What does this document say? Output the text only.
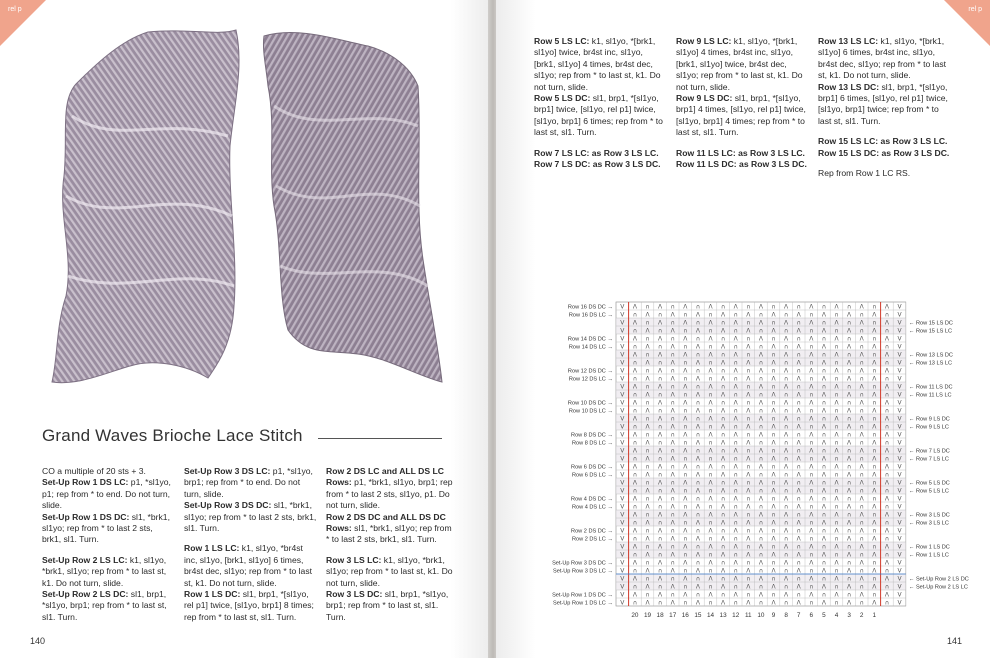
rel p
Grand Waves Brioche Lace Stitch

CO a multiple of 20 sts + 3.
Set-Up Row 1 DS LC: p1, *sl1yo, p1; rep from * to end. Do not turn, slide.
Set-Up Row 1 DS DC: sl1, *brk1, sl1yo; rep from * to last 2 sts, brk1, sl1. Turn.

Set-Up Row 2 LS LC: k1, sl1yo, *brk1, sl1yo; rep from * to last st, k1. Do not turn, slide.
Set-Up Row 2 LS DC: sl1, brp1, *sl1yo, brp1; rep from * to last st, sl1. Turn.

Set-Up Row 3 DS LC: p1, *sl1yo, brp1; rep from * to end. Do not turn, slide.
Set-Up Row 3 DS DC: sl1, *brk1, sl1yo; rep from * to last 2 sts, brk1, sl1. Turn.

Row 1 LS LC: k1, sl1yo, *br4st inc, sl1yo, [brk1, sl1yo] 6 times, br4st dec, sl1yo; rep from * to last st, k1. Do not turn, slide.
Row 1 LS DC: sl1, brp1, *[sl1yo, rel p1] twice, [sl1yo, brp1] 8 times; rep from * to last st, sl1. Turn.

Row 2 DS LC and ALL DS LC Rows: p1, *brk1, sl1yo, brp1; rep from * to last 2 sts, sl1yo, p1. Do not turn, slide.
Row 2 DS DC and ALL DS DC Rows: sl1, *brk1, sl1yo; rep from * to last 2 sts, brk1, sl1. Turn.

Row 3 LS LC: k1, sl1yo, *brk1, sl1yo; rep from * to last st, k1. Do not turn, slide.
Row 3 LS DC: sl1, brp1, *sl1yo, brp1; rep from * to last st, sl1. Turn.

140
rel p

Row 5 LS LC: k1, sl1yo, *[brk1, sl1yo] twice, br4st inc, sl1yo, [brk1, sl1yo] 4 times, br4st dec, sl1yo; rep from * to last st, k1. Do not turn, slide.
Row 5 LS DC: sl1, brp1, *[sl1yo, brp1] twice, [sl1yo, rel p1] twice, [sl1yo, brp1] 6 times; rep from * to last st, sl1. Turn.

Row 7 LS LC: as Row 3 LS LC.
Row 7 LS DC: as Row 3 LS DC.

Row 9 LS LC: k1, sl1yo, *[brk1, sl1yo] 4 times, br4st inc, sl1yo, [brk1, sl1yo] twice, br4st dec, sl1yo; rep from * to last st, k1. Do not turn, slide.
Row 9 LS DC: sl1, brp1, *[sl1yo, brp1] 4 times, [sl1yo, rel p1] twice, [sl1yo, brp1] 4 times; rep from * to last st, sl1. Turn.

Row 11 LS LC: as Row 3 LS LC.
Row 11 LS DC: as Row 3 LS DC.

Row 13 LS LC: k1, sl1yo, *[brk1, sl1yo] 6 times, br4st inc, sl1yo, br4st dec, sl1yo; rep from * to last st, k1. Do not turn, slide.
Row 13 LS DC: sl1, brp1, *[sl1yo, brp1] 6 times, [sl1yo, rel p1] twice, [sl1yo, brp1] twice; rep from * to last st, sl1. Turn.

Row 15 LS LC: as Row 3 LS LC.
Row 15 LS DC: as Row 3 LS DC.

Rep from Row 1 LC RS.

V Λ ∩ Λ ∩ Λ ∩ Λ ∩ Λ ∩ Λ ∩ Λ ∩ Λ ∩ Λ ∩ Λ ∩ Λ V
V ∩ Λ ∩ Λ ∩ Λ ∩ Λ ∩ Λ ∩ Λ ∩ Λ ∩ Λ ∩ Λ ∩ Λ ∩ V
V Λ ∩ Λ ∩ Λ ∩ Λ ∩ Λ ∩ Λ ∩ Λ ∩ Λ ∩ Λ ∩ Λ ∩ Λ V
V ∩ Λ ∩ Λ ∩ Λ ∩ Λ ∩ Λ ∩ Λ ∩ Λ ∩ Λ ∩ Λ ∩ Λ ∩ V
V Λ ∩ Λ ∩ Λ ∩ Λ ∩ Λ ∩ Λ ∩ Λ ∩ Λ ∩ Λ ∩ Λ ∩ Λ V
V ∩ Λ ∩ Λ ∩ Λ ∩ Λ ∩ Λ ∩ Λ ∩ Λ ∩ Λ ∩ Λ ∩ Λ ∩ V
V Λ ∩ Λ ∩ Λ ∩ Λ ∩ Λ ∩ Λ ∩ Λ ∩ Λ ∩ Λ ∩ Λ ∩ Λ V
V ∩ Λ ∩ Λ ∩ Λ ∩ Λ ∩ Λ ∩ Λ ∩ Λ ∩ Λ ∩ Λ ∩ Λ ∩ V
V Λ ∩ Λ ∩ Λ ∩ Λ ∩ Λ ∩ Λ ∩ Λ ∩ Λ ∩ Λ ∩ Λ ∩ Λ V
V ∩ Λ ∩ Λ ∩ Λ ∩ Λ ∩ Λ ∩ Λ ∩ Λ ∩ Λ ∩ Λ ∩ Λ ∩ V
V Λ ∩ Λ ∩ Λ ∩ Λ ∩ Λ ∩ Λ ∩ Λ ∩ Λ ∩ Λ ∩ Λ ∩ Λ V
V ∩ Λ ∩ Λ ∩ Λ ∩ Λ ∩ Λ ∩ Λ ∩ Λ ∩ Λ ∩ Λ ∩ Λ ∩ V
V Λ ∩ Λ ∩ Λ ∩ Λ ∩ Λ ∩ Λ ∩ Λ ∩ Λ ∩ Λ ∩ Λ ∩ Λ V
V ∩ Λ ∩ Λ ∩ Λ ∩ Λ ∩ Λ ∩ Λ ∩ Λ ∩ Λ ∩ Λ ∩ Λ ∩ V
V Λ ∩ Λ ∩ Λ ∩ Λ ∩ Λ ∩ Λ ∩ Λ ∩ Λ ∩ Λ ∩ Λ ∩ Λ V
V ∩ Λ ∩ Λ ∩ Λ ∩ Λ ∩ Λ ∩ Λ ∩ Λ ∩ Λ ∩ Λ ∩ Λ ∩ V
V Λ ∩ Λ ∩ Λ ∩ Λ ∩ Λ ∩ Λ ∩ Λ ∩ Λ ∩ Λ ∩ Λ ∩ Λ V
V ∩ Λ ∩ Λ ∩ Λ ∩ Λ ∩ Λ ∩ Λ ∩ Λ ∩ Λ ∩ Λ ∩ Λ ∩ V
V Λ ∩ Λ ∩ Λ ∩ Λ ∩ Λ ∩ Λ ∩ Λ ∩ Λ ∩ Λ ∩ Λ ∩ Λ V
V ∩ Λ ∩ Λ ∩ Λ ∩ Λ ∩ Λ ∩ Λ ∩ Λ ∩ Λ ∩ Λ ∩ Λ ∩ V
V Λ ∩ Λ ∩ Λ ∩ Λ ∩ Λ ∩ Λ ∩ Λ ∩ Λ ∩ Λ ∩ Λ ∩ Λ V
V ∩ Λ ∩ Λ ∩ Λ ∩ Λ ∩ Λ ∩ Λ ∩ Λ ∩ Λ ∩ Λ ∩ Λ ∩ V
V Λ ∩ Λ ∩ Λ ∩ Λ ∩ Λ ∩ Λ ∩ Λ ∩ Λ ∩ Λ ∩ Λ ∩ Λ V
V ∩ Λ ∩ Λ ∩ Λ ∩ Λ ∩ Λ ∩ Λ ∩ Λ ∩ Λ ∩ Λ ∩ Λ ∩ V
V Λ ∩ Λ ∩ Λ ∩ Λ ∩ Λ ∩ Λ ∩ Λ ∩ Λ ∩ Λ ∩ Λ ∩ Λ V
V ∩ Λ ∩ Λ ∩ Λ ∩ Λ ∩ Λ ∩ Λ ∩ Λ ∩ Λ ∩ Λ ∩ Λ ∩ V
V Λ ∩ Λ ∩ Λ ∩ Λ ∩ Λ ∩ Λ ∩ Λ ∩ Λ ∩ Λ ∩ Λ ∩ Λ V
V ∩ Λ ∩ Λ ∩ Λ ∩ Λ ∩ Λ ∩ Λ ∩ Λ ∩ Λ ∩ Λ ∩ Λ ∩ V
V Λ ∩ Λ ∩ Λ ∩ Λ ∩ Λ ∩ Λ ∩ Λ ∩ Λ ∩ Λ ∩ Λ ∩ Λ V
V ∩ Λ ∩ Λ ∩ Λ ∩ Λ ∩ Λ ∩ Λ ∩ Λ ∩ Λ ∩ Λ ∩ Λ ∩ V
V Λ ∩ Λ ∩ Λ ∩ Λ ∩ Λ ∩ Λ ∩ Λ ∩ Λ ∩ Λ ∩ Λ ∩ Λ V
V ∩ Λ ∩ Λ ∩ Λ ∩ Λ ∩ Λ ∩ Λ ∩ Λ ∩ Λ ∩ Λ ∩ Λ ∩ V
V Λ ∩ Λ ∩ Λ ∩ Λ ∩ Λ ∩ Λ ∩ Λ ∩ Λ ∩ Λ ∩ Λ ∩ Λ V
V ∩ Λ ∩ Λ ∩ Λ ∩ Λ ∩ Λ ∩ Λ ∩ Λ ∩ Λ ∩ Λ ∩ Λ ∩ V
V Λ ∩ Λ ∩ Λ ∩ Λ ∩ Λ ∩ Λ ∩ Λ ∩ Λ ∩ Λ ∩ Λ ∩ Λ V
V ∩ Λ ∩ Λ ∩ Λ ∩ Λ ∩ Λ ∩ Λ ∩ Λ ∩ Λ ∩ Λ ∩ Λ ∩ V
V Λ ∩ Λ ∩ Λ ∩ Λ ∩ Λ ∩ Λ ∩ Λ ∩ Λ ∩ Λ ∩ Λ ∩ Λ V
V ∩ Λ ∩ Λ ∩ Λ ∩ Λ ∩ Λ ∩ Λ ∩ Λ ∩ Λ ∩ Λ ∩ Λ ∩ V
Row 16 DS DC →
Row 16 DS LC →
Row 14 DS DC →
Row 14 DS LC →
Row 12 DS DC →
Row 12 DS LC →
Row 10 DS DC →
Row 10 DS LC →
Row 8 DS DC →
Row 8 DS LC →
Row 6 DS DC →
Row 6 DS LC →
Row 4 DS DC →
Row 4 DS LC →
Row 2 DS DC →
Row 2 DS LC →
Set-Up Row 3 DS DC →
Set-Up Row 3 DS LC →
Set-Up Row 1 DS DC →
Set-Up Row 1 DS LC →
← Row 15 LS DC
← Row 15 LS LC
← Row 13 LS DC
← Row 13 LS LC
← Row 11 LS DC
← Row 11 LS LC
← Row 9 LS DC
← Row 9 LS LC
← Row 7 LS DC
← Row 7 LS LC
← Row 5 LS DC
← Row 5 LS LC
← Row 3 LS DC
← Row 3 LS LC
← Row 1 LS DC
← Row 1 LS LC
← Set-Up Row 2 LS DC
← Set-Up Row 2 LS LC
20 19 18 17 16 15 14 13 12 11 10 9 8 7 6 5 4 3 2 1
141
